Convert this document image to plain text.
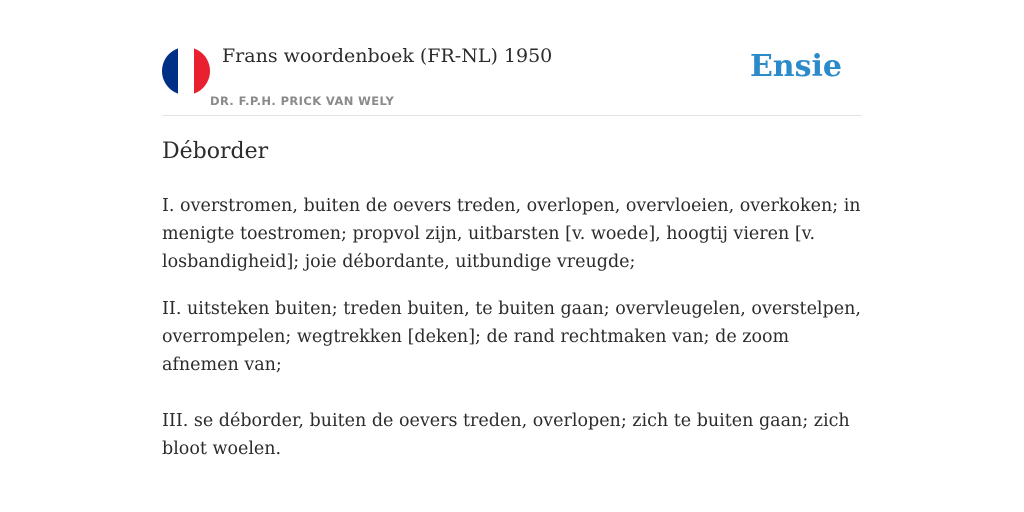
Frans woordenboek (FR-NL) 1950
DR. F.P.H. PRICK VAN WELY
Ensie
Déborder

I. overstromen, buiten de oevers treden, overlopen, overvloeien, overkoken; in menigte toestromen; propvol zijn, uitbarsten [v. woede], hoogtij vieren [v. losbandigheid]; joie débordante, uitbundige vreugde;

II. uitsteken buiten; treden buiten, te buiten gaan; overvleugelen, overstelpen, overrompelen; wegtrekken [deken]; de rand rechtmaken van; de zoom afnemen van;

III. se déborder, buiten de oevers treden, overlopen; zich te buiten gaan; zich bloot woelen.
